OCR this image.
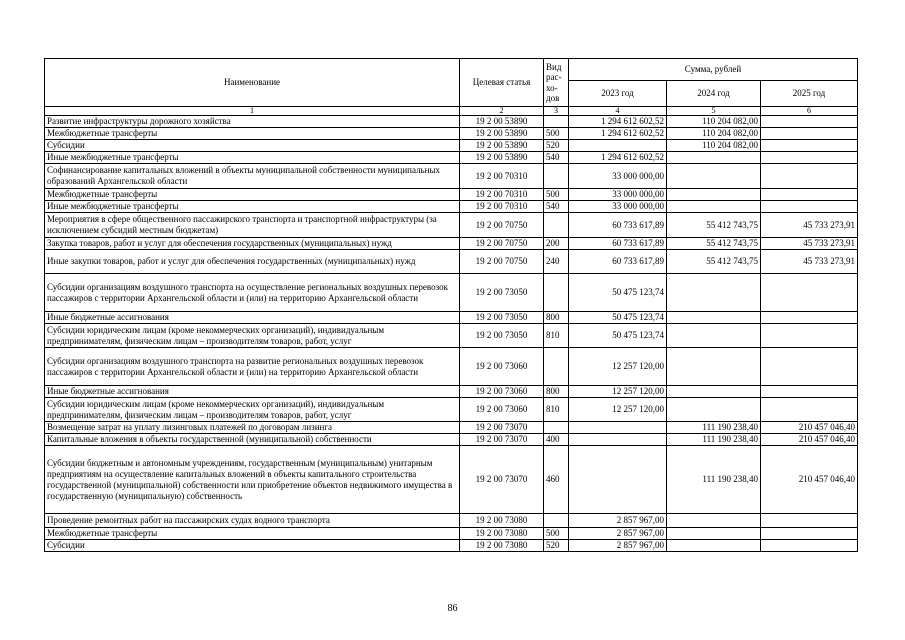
Наименование	Целевая статья	Вид рас- хо- дов	Сумма, рублей		
			2023 год	2024 год	2025 год
1	2	3	4	5	6
Развитие инфраструктуры дорожного хозяйства	19 2 00 53890		1 294 612 602,52	110 204 082,00	
Межбюджетные трансферты	19 2 00 53890	500	1 294 612 602,52	110 204 082,00	
Субсидии	19 2 00 53890	520		110 204 082,00	
Иные межбюджетные трансферты	19 2 00 53890	540	1 294 612 602,52		
Софинансирование капитальных вложений в объекты муниципальной собственности муниципальных образований Архангельской области	19 2 00 70310		33 000 000,00		
Межбюджетные трансферты	19 2 00 70310	500	33 000 000,00		
Иные межбюджетные трансферты	19 2 00 70310	540	33 000 000,00		
Мероприятия в сфере общественного пассажирского транспорта и транспортной инфраструктуры (за исключением субсидий местным бюджетам)	19 2 00 70750		60 733 617,89	55 412 743,75	45 733 273,91
Закупка товаров, работ и услуг для обеспечения государственных (муниципальных) нужд	19 2 00 70750	200	60 733 617,89	55 412 743,75	45 733 273,91
Иные закупки товаров, работ и услуг для обеспечения государственных (муниципальных) нужд	19 2 00 70750	240	60 733 617,89	55 412 743,75	45 733 273,91
Субсидии организациям воздушного транспорта на осуществление региональных воздушных перевозок пассажиров с территории Архангельской области и (или) на территорию Архангельской области	19 2 00 73050		50 475 123,74		
Иные бюджетные ассигнования	19 2 00 73050	800	50 475 123,74		
Субсидии юридическим лицам (кроме некоммерческих организаций), индивидуальным предпринимателям, физическим лицам – производителям товаров, работ, услуг	19 2 00 73050	810	50 475 123,74		
Субсидии организациям воздушного транспорта на развитие региональных воздушных перевозок пассажиров с территории Архангельской области и (или) на территорию Архангельской области	19 2 00 73060		12 257 120,00		
Иные бюджетные ассигнования	19 2 00 73060	800	12 257 120,00		
Субсидии юридическим лицам (кроме некоммерческих организаций), индивидуальным предпринимателям, физическим лицам – производителям товаров, работ, услуг	19 2 00 73060	810	12 257 120,00		
Возмещение затрат на уплату лизинговых платежей по договорам лизинга	19 2 00 73070			111 190 238,40	210 457 046,40
Капитальные вложения в объекты государственной (муниципальной) собственности	19 2 00 73070	400		111 190 238,40	210 457 046,40
Субсидии бюджетным и автономным учреждениям, государственным (муниципальным) унитарным предприятиям на осуществление капитальных вложений в объекты капитального строительства государственной (муниципальной) собственности или приобретение объектов недвижимого имущества в государственную (муниципальную) собственность	19 2 00 73070	460		111 190 238,40	210 457 046,40
Проведение ремонтных работ на пассажирских судах водного транспорта	19 2 00 73080		2 857 967,00		
Межбюджетные трансферты	19 2 00 73080	500	2 857 967,00		
Субсидии	19 2 00 73080	520	2 857 967,00		
86
